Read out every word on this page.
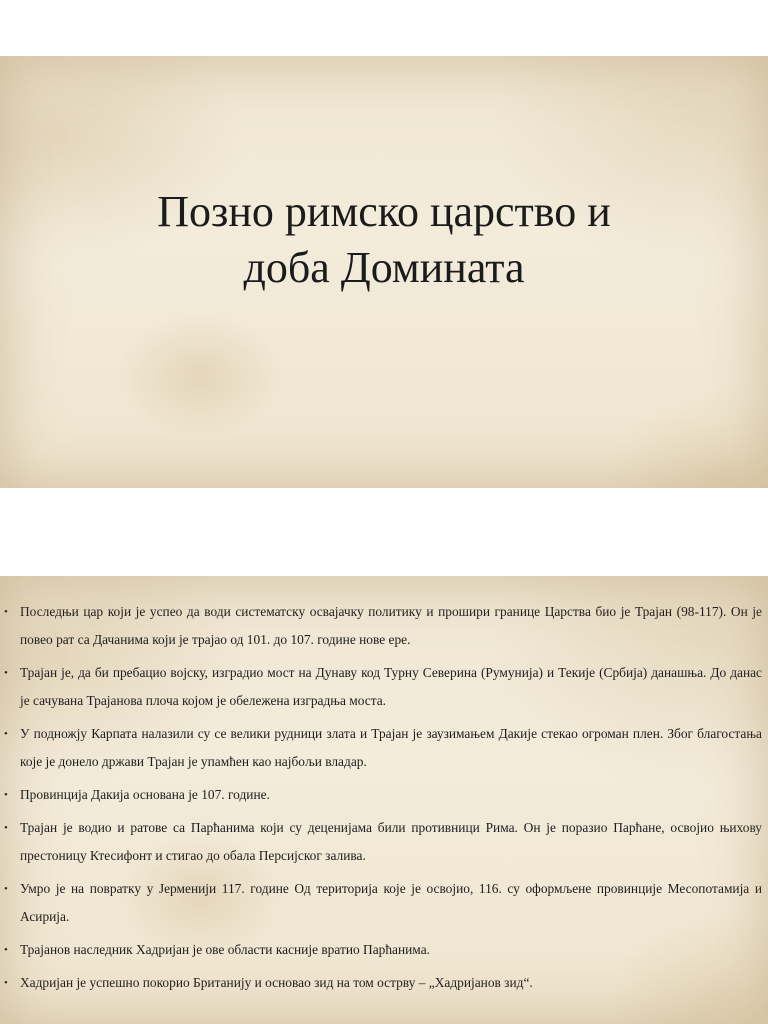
Позно римско царство и
доба Домината
• Последњи цар који је успео да води систематску освајачку политику и прошири границе Царства био је Трајан (98-117). Он је повео рат са Дачанима који је трајао од 101. до 107. године нове ере.
• Трајан је, да би пребацио војску, изградио мост на Дунаву код Турну Северина (Румунија) и Текије (Србија) данашња. До данас је сачувана Трајанова плоча којом је обележена изградња моста.
• У подножју Карпата налазили су се велики рудници злата и Трајан је заузимањем Дакије стекао огроман плен. Због благостања које је донело држави Трајан је упамћен као најбољи владар.
• Провинција Дакија основана је 107. године.
• Трајан је водио и ратове са Парћанима који су деценијама били противници Рима. Он је поразио Парћане, освојио њихову престоницу Ктесифонт и стигао до обала Персијског залива.
• Умро је на повратку у Јерменији 117. године Од територија које је освојио, 116. су оформљене провинције Месопотамија и Асирија.
• Трајанов наследник Хадријан је ове области касније вратио Парћанима.
• Хадријан је успешно покорио Британију и основао зид на том острву – „Хадријанов зид“.
